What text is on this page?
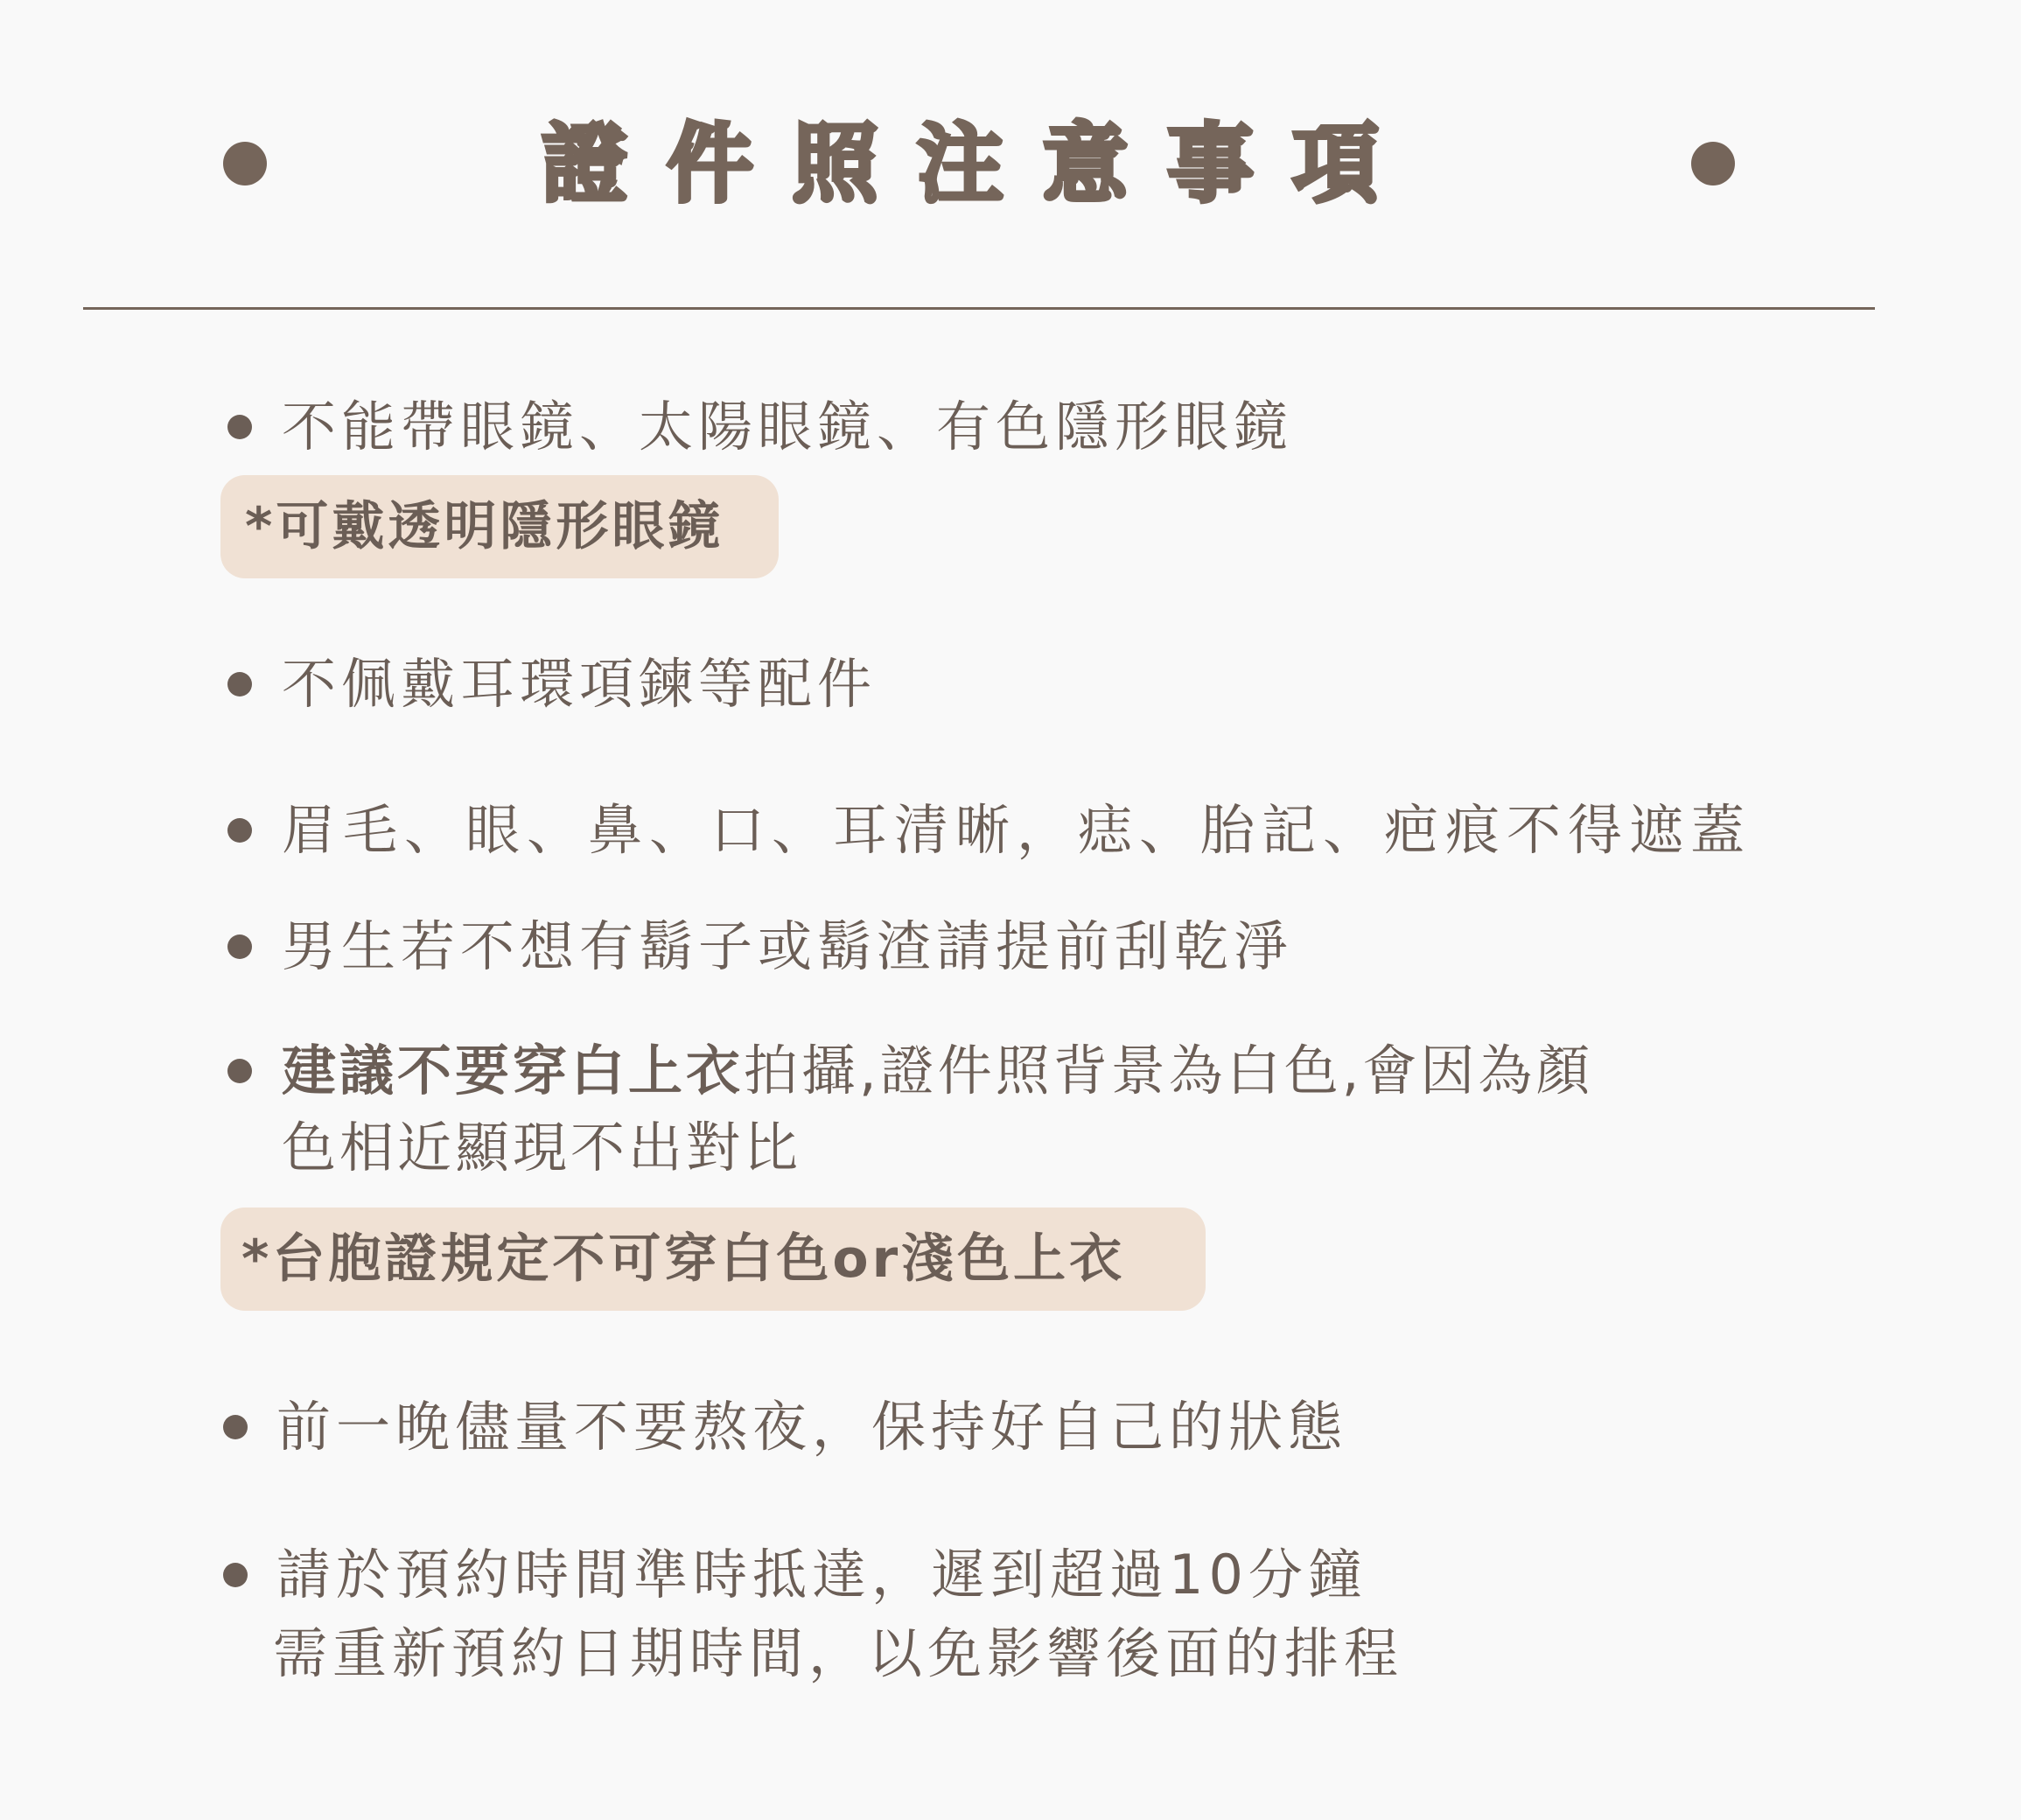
證件照注意事項
不能帶眼鏡、太陽眼鏡、有色隱形眼鏡
*可戴透明隱形眼鏡
不佩戴耳環項鍊等配件
眉毛、眼、鼻、口、耳清晰，痣、胎記、疤痕不得遮蓋
男生若不想有鬍子或鬍渣請提前刮乾淨
建議不要穿白上衣拍攝,證件照背景為白色,會因為顏
色相近顯現不出對比
*台胞證規定不可穿白色or淺色上衣
前一晚儘量不要熬夜，保持好自己的狀態
請於預約時間準時抵達，遲到超過10分鐘
需重新預約日期時間，以免影響後面的排程
